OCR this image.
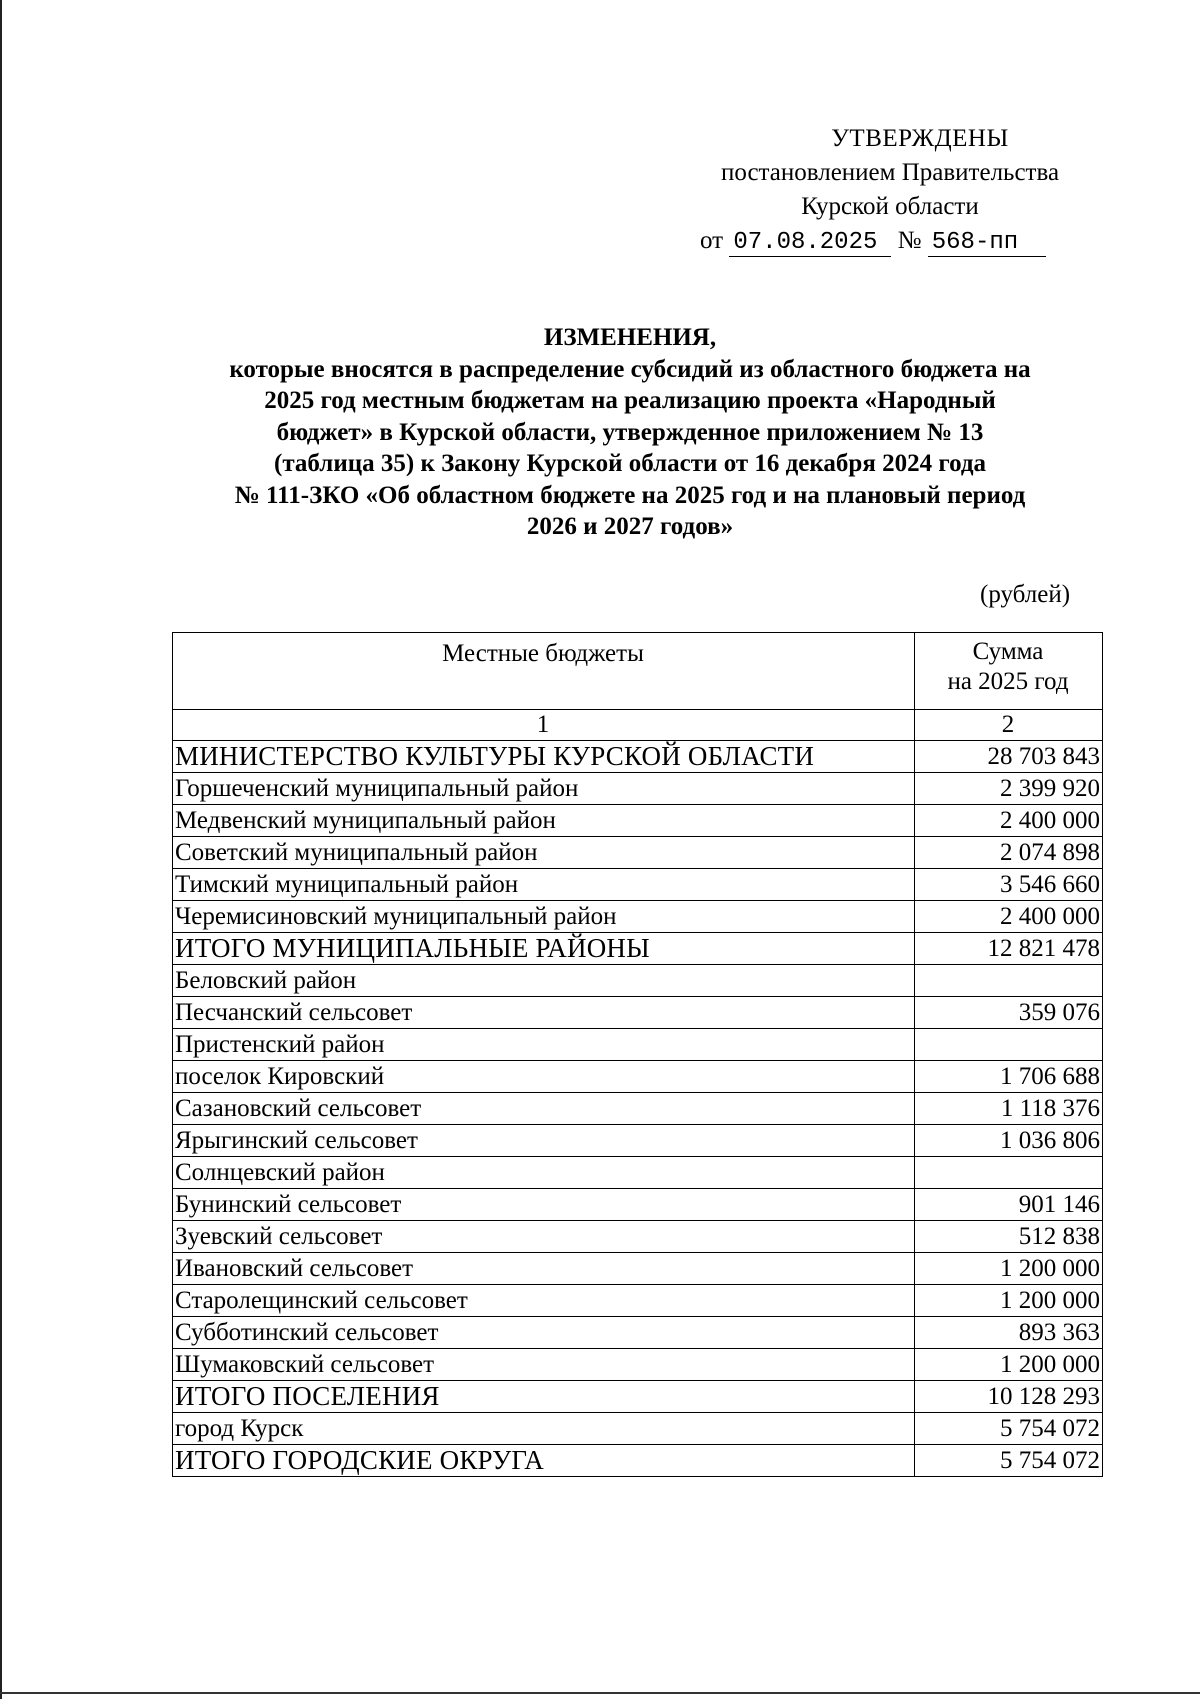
УТВЕРЖДЕНЫ
постановлением Правительства
Курской области
от 07.08.2025 № 568-пп
ИЗМЕНЕНИЯ,
которые вносятся в распределение субсидий из областного бюджета на
2025 год местным бюджетам на реализацию проекта «Народный
бюджет» в Курской области, утвержденное приложением № 13
(таблица 35) к Закону Курской области от 16 декабря 2024 года
№ 111-ЗКО «Об областном бюджете на 2025 год и на плановый период
2026 и 2027 годов»
(рублей)
Местные бюджеты	Сумма
на 2025 год
1	2
МИНИСТЕРСТВО КУЛЬТУРЫ КУРСКОЙ ОБЛАСТИ	28 703 843
Горшеченский муниципальный район	2 399 920
Медвенский муниципальный район	2 400 000
Советский муниципальный район	2 074 898
Тимский муниципальный район	3 546 660
Черемисиновский муниципальный район	2 400 000
ИТОГО МУНИЦИПАЛЬНЫЕ РАЙОНЫ	12 821 478
Беловский район	
Песчанский сельсовет	359 076
Пристенский район	
поселок Кировский	1 706 688
Сазановский сельсовет	1 118 376
Ярыгинский сельсовет	1 036 806
Солнцевский район	
Бунинский сельсовет	901 146
Зуевский сельсовет	512 838
Ивановский сельсовет	1 200 000
Старолещинский сельсовет	1 200 000
Субботинский сельсовет	893 363
Шумаковский сельсовет	1 200 000
ИТОГО ПОСЕЛЕНИЯ	10 128 293
город Курск	5 754 072
ИТОГО ГОРОДСКИЕ ОКРУГА	5 754 072
